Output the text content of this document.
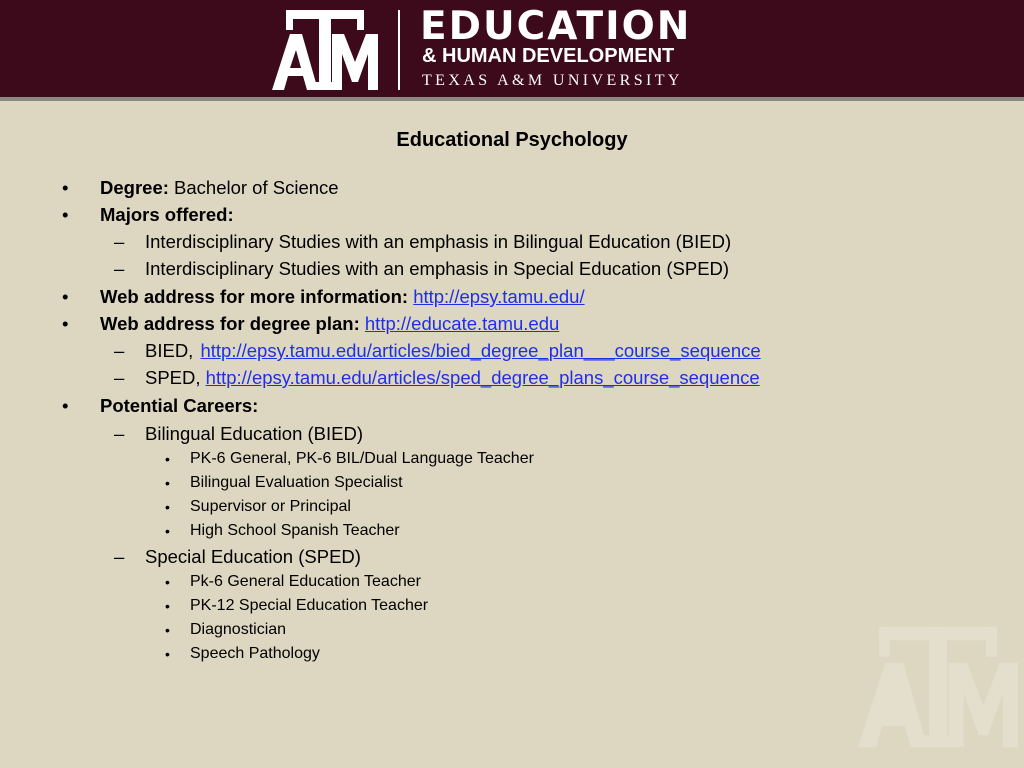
EDUCATION
& HUMAN DEVELOPMENT
TEXAS A&M UNIVERSITY
Educational Psychology
• Degree: Bachelor of Science
• Majors offered:
– Interdisciplinary Studies with an emphasis in Bilingual Education (BIED)
– Interdisciplinary Studies with an emphasis in Special Education (SPED)
• Web address for more information: http://epsy.tamu.edu/
• Web address for degree plan: http://educate.tamu.edu
– BIED, http://epsy.tamu.edu/articles/bied_degree_plan___course_sequence
– SPED, http://epsy.tamu.edu/articles/sped_degree_plans_course_sequence
• Potential Careers:
– Bilingual Education (BIED)
• PK-6 General, PK-6 BIL/Dual Language Teacher
• Bilingual Evaluation Specialist
• Supervisor or Principal
• High School Spanish Teacher
– Special Education (SPED)
• Pk-6 General Education Teacher
• PK-12 Special Education Teacher
• Diagnostician
• Speech Pathology
